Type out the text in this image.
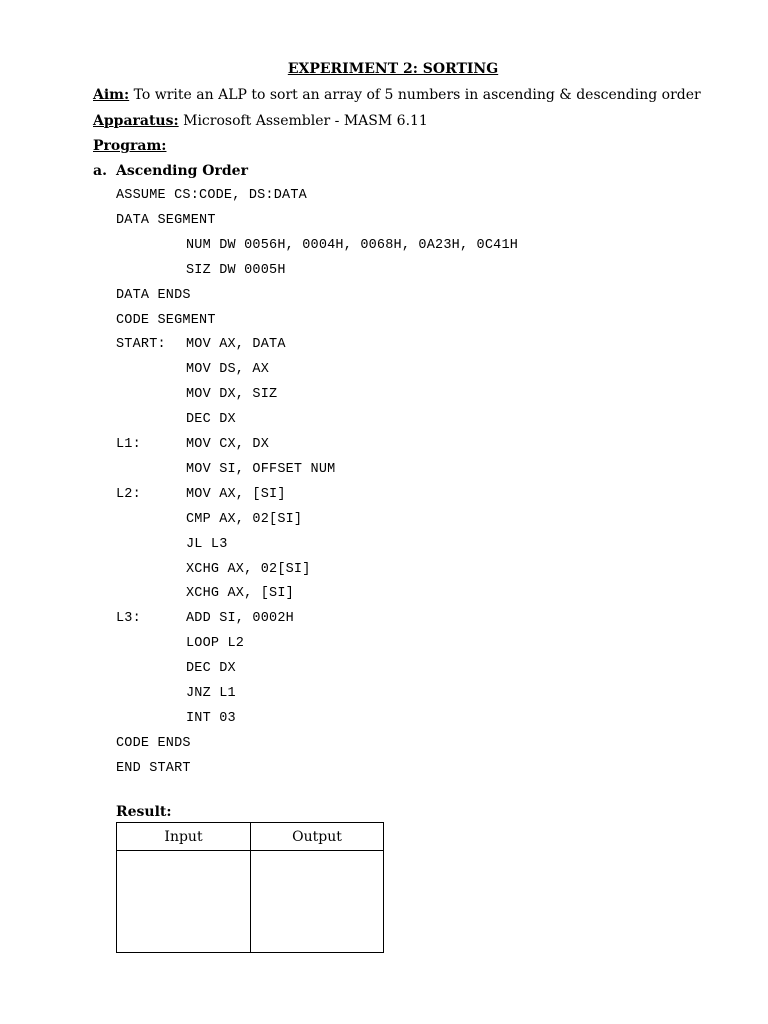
EXPERIMENT 2: SORTING
Aim: To write an ALP to sort an array of 5 numbers in ascending & descending order
Apparatus: Microsoft Assembler - MASM 6.11
Program:
a. Ascending Order
ASSUME CS:CODE, DS:DATA
DATA SEGMENT
NUM DW 0056H, 0004H, 0068H, 0A23H, 0C41H
SIZ DW 0005H
DATA ENDS
CODE SEGMENT
START: MOV AX, DATA
MOV DS, AX
MOV DX, SIZ
DEC DX
L1:	MOV CX, DX
MOV SI, OFFSET NUM
L2:	MOV AX, [SI]
CMP AX, 02[SI]
JL L3
XCHG AX, 02[SI]
XCHG AX, [SI]
L3:	ADD SI, 0002H
LOOP L2
DEC DX
JNZ L1
INT 03
CODE ENDS
END START
Result:
Input	Output
